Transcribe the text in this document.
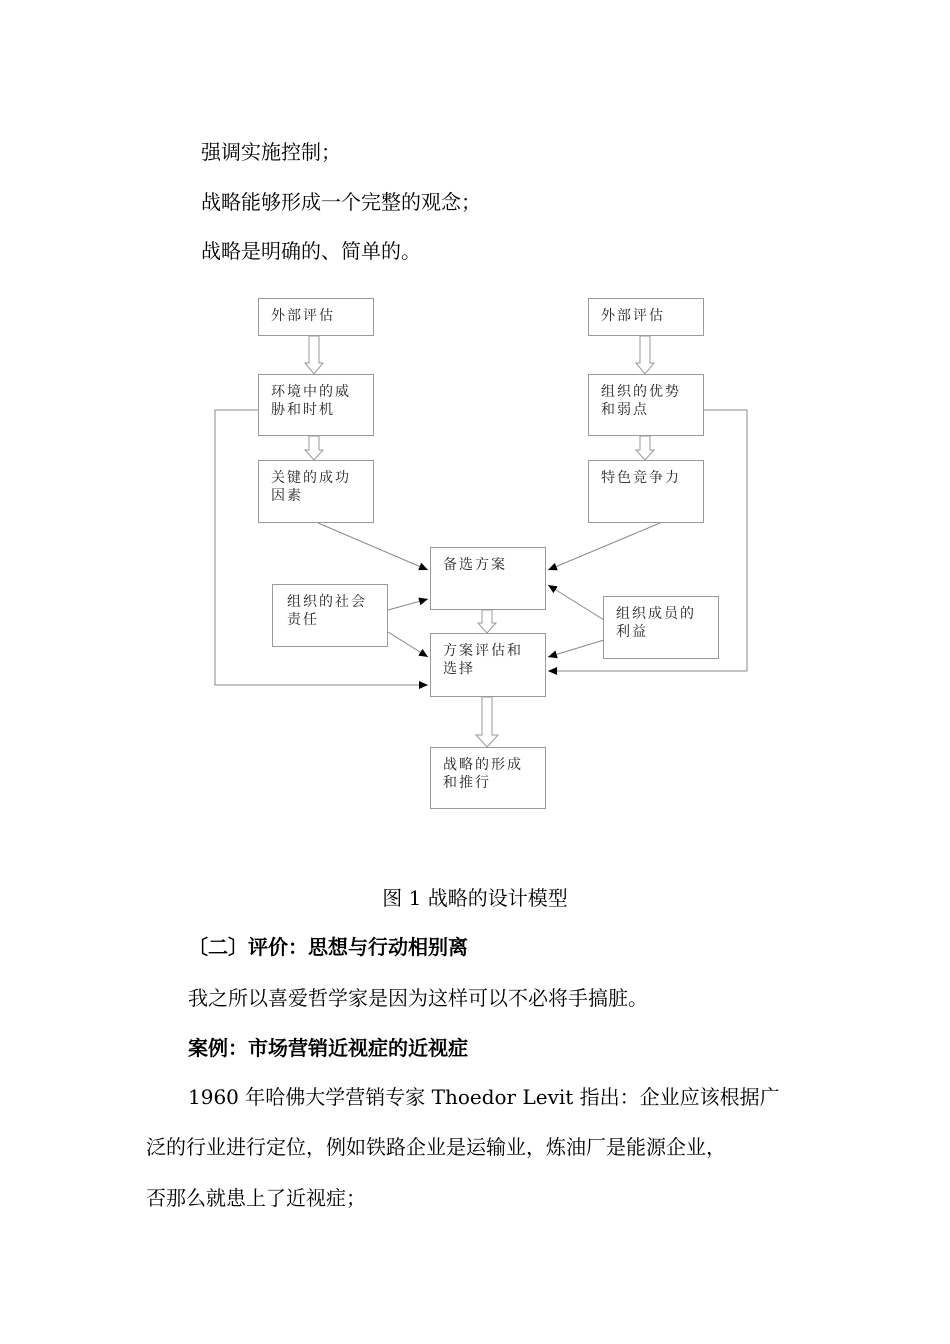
强调实施控制；
战略能够形成一个完整的观念；
战略是明确的、简单的。
外部评估	外部评估
环境中的威胁和时机
组织的优势和弱点
关键的成功因素
特色竞争力
备选方案
组织的社会责任	组织成员的利益
方案评估和选择
战略的形成和推行
图 1 战略的设计模型
〔二〕评价：思想与行动相别离
我之所以喜爱哲学家是因为这样可以不必将手搞脏。
案例：市场营销近视症的近视症
1960 年哈佛大学营销专家 Thoedor Levit 指出：企业应该根据广
泛的行业进行定位，例如铁路企业是运输业，炼油厂是能源企业，
否那么就患上了近视症；
